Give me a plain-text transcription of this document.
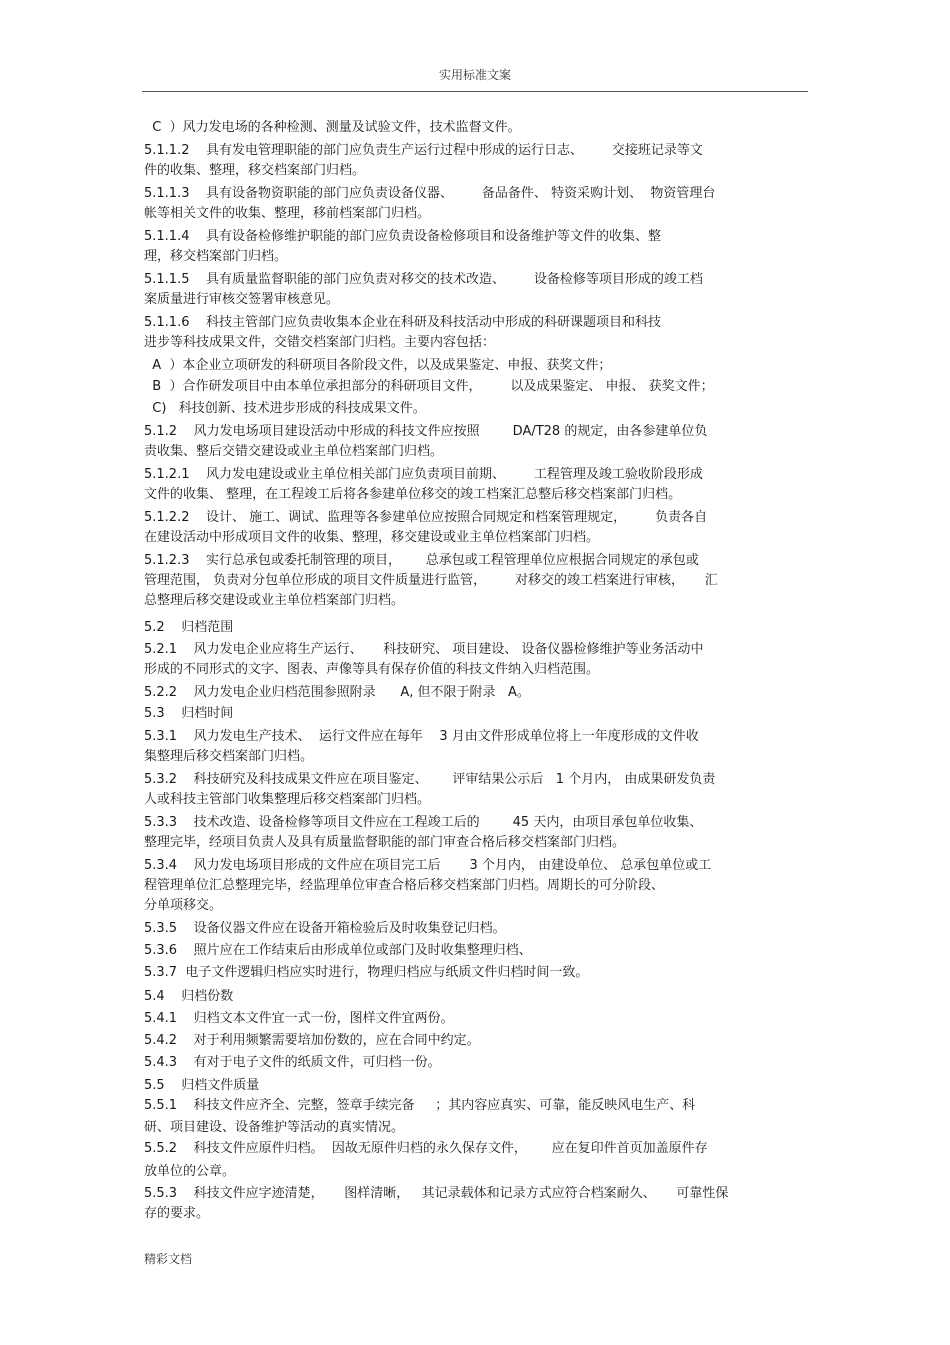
实用标准文案
C  ）风力发电场的各种检测、测量及试验文件，技术监督文件。
5.1.1.2    具有发电管理职能的部门应负责生产运行过程中形成的运行日志、       交接班记录等文
件的收集、整理，移交档案部门归档。
5.1.1.3    具有设备物资职能的部门应负责设备仪器、       备品备件、 特资采购计划、  物资管理台
帐等相关文件的收集、整理，移前档案部门归档。
5.1.1.4    具有设备检修维护职能的部门应负责设备检修项目和设备维护等文件的收集、整
理，移交档案部门归档。
5.1.1.5    具有质量监督职能的部门应负责对移交的技术改造、       设备检修等项目形成的竣工档
案质量进行审核交签署审核意见。
5.1.1.6    科技主管部门应负责收集本企业在科研及科技活动中形成的科研课题项目和科技
进步等科技成果文件，交错交档案部门归档。主要内容包括：
A  ）本企业立项研发的科研项目各阶段文件，以及成果鉴定、申报、获奖文件；
B  ）合作研发项目中由本单位承担部分的科研项目文件，       以及成果鉴定、 申报、 获奖文件；
C)   科技创新、技术进步形成的科技成果文件。
5.1.2    风力发电场项目建设活动中形成的科技文件应按照        DA/T28 的规定，由各参建单位负
责收集、整后交错交建设或业主单位档案部门归档。
5.1.2.1    风力发电建设或业主单位相关部门应负责项目前期、       工程管理及竣工验收阶段形成
文件的收集、 整理，在工程竣工后将各参建单位移交的竣工档案汇总整后移交档案部门归档。
5.1.2.2    设计、 施工、调试、监理等各参建单位应按照合同规定和档案管理规定，       负责各自
在建设活动中形成项目文件的收集、整理，移交建设或业主单位档案部门归档。
5.1.2.3    实行总承包或委托制管理的项目，      总承包或工程管理单位应根据合同规定的承包或
管理范围， 负责对分包单位形成的项目文件质量进行监管，       对移交的竣工档案进行审核，     汇
总整理后移交建设或业主单位档案部门归档。
5.2    归档范围
5.2.1    风力发电企业应将生产运行、     科技研究、 项目建设、 设备仪器检修维护等业务活动中
形成的不同形式的文字、图表、声像等具有保存价值的科技文件纳入归档范围。
5.2.2    风力发电企业归档范围参照附录      A, 但不限于附录   A。
5.3    归档时间
5.3.1    风力发电生产技术、  运行文件应在每年    3 月由文件形成单位将上一年度形成的文件收
集整理后移交档案部门归档。
5.3.2    科技研究及科技成果文件应在项目鉴定、      评审结果公示后   1 个月内， 由成果研发负责
人或科技主管部门收集整理后移交档案部门归档。
5.3.3    技术改造、设备检修等项目文件应在工程竣工后的        45 天内，由项目承包单位收集、
整理完毕，经项目负责人及具有质量监督职能的部门审查合格后移交档案部门归档。
5.3.4    风力发电场项目形成的文件应在项目完工后       3 个月内， 由建设单位、 总承包单位或工
程管理单位汇总整理完毕，经监理单位审查合格后移交档案部门归档。周期长的可分阶段、
分单项移交。
5.3.5    设备仪器文件应在设备开箱检验后及时收集登记归档。
5.3.6    照片应在工作结束后由形成单位或部门及时收集整理归档、
5.3.7  电子文件逻辑归档应实时进行，物理归档应与纸质文件归档时间一致。
5.4    归档份数
5.4.1    归档文本文件宜一式一份，图样文件宜两份。
5.4.2    对于利用频繁需要培加份数的，应在合同中约定。
5.4.3    有对于电子文件的纸质文件，可归档一份。
5.5    归档文件质量
5.5.1    科技文件应齐全、完整，签章手续完备     ；其内容应真实、可靠，能反映风电生产、科
研、项目建设、设备维护等活动的真实情况。
5.5.2    科技文件应原件归档。  因故无原件归档的永久保存文件，      应在复印件首页加盖原件存
放单位的公章。
5.5.3    科技文件应字迹清楚，     图样清晰，   其记录载体和记录方式应符合档案耐久、     可靠性保
存的要求。
精彩文档
